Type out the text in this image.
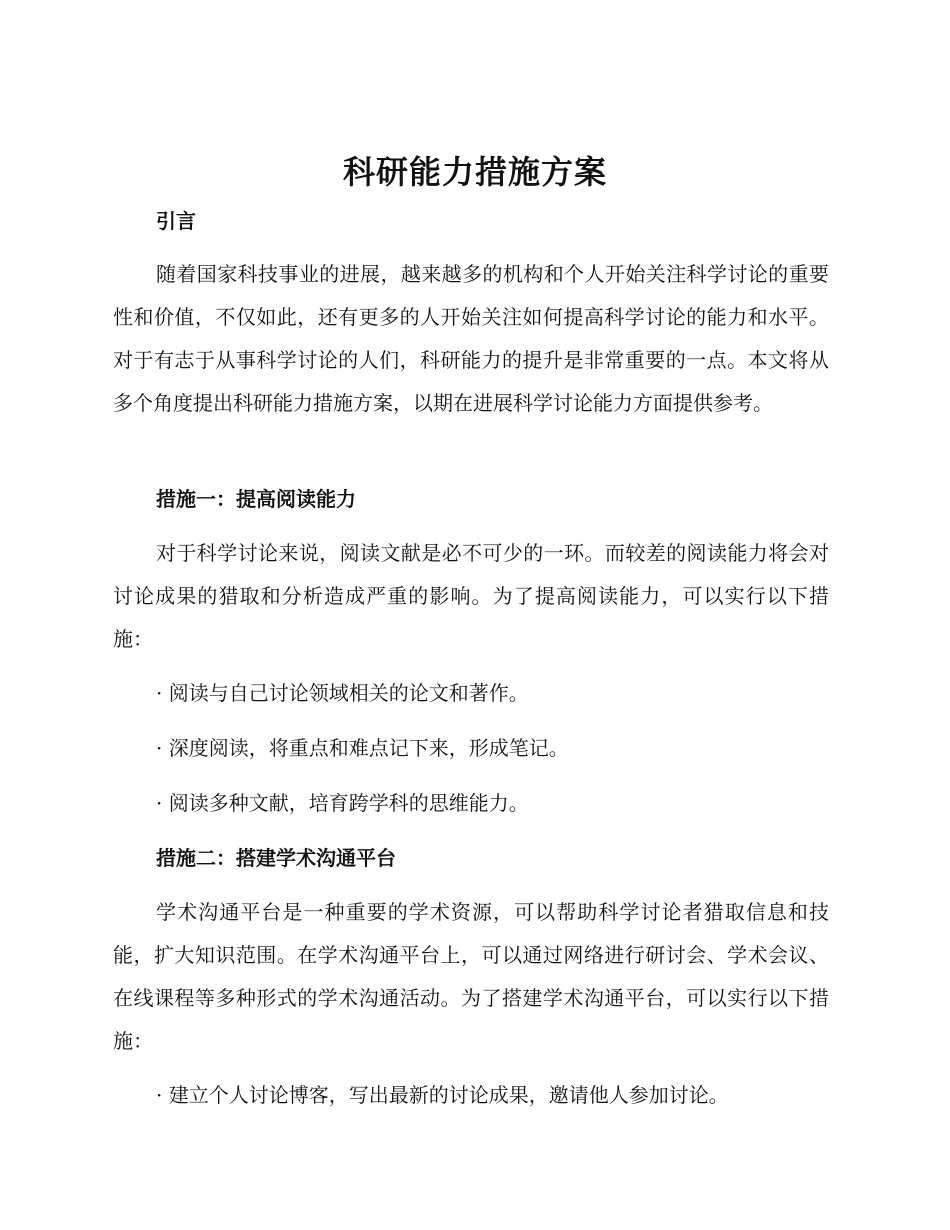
科研能力措施方案
引言

随着国家科技事业的进展，越来越多的机构和个人开始关注科学讨论的重要性和价值，不仅如此，还有更多的人开始关注如何提高科学讨论的能力和水平。对于有志于从事科学讨论的人们，科研能力的提升是非常重要的一点。本文将从多个角度提出科研能力措施方案，以期在进展科学讨论能力方面提供参考。

措施一：提高阅读能力

对于科学讨论来说，阅读文献是必不可少的一环。而较差的阅读能力将会对讨论成果的猎取和分析造成严重的影响。为了提高阅读能力，可以实行以下措施：

· 阅读与自己讨论领域相关的论文和著作。
· 深度阅读，将重点和难点记下来，形成笔记。
· 阅读多种文献，培育跨学科的思维能力。
措施二：搭建学术沟通平台

学术沟通平台是一种重要的学术资源，可以帮助科学讨论者猎取信息和技能，扩大知识范围。在学术沟通平台上，可以通过网络进行研讨会、学术会议、在线课程等多种形式的学术沟通活动。为了搭建学术沟通平台，可以实行以下措施：

· 建立个人讨论博客，写出最新的讨论成果，邀请他人参加讨论。
